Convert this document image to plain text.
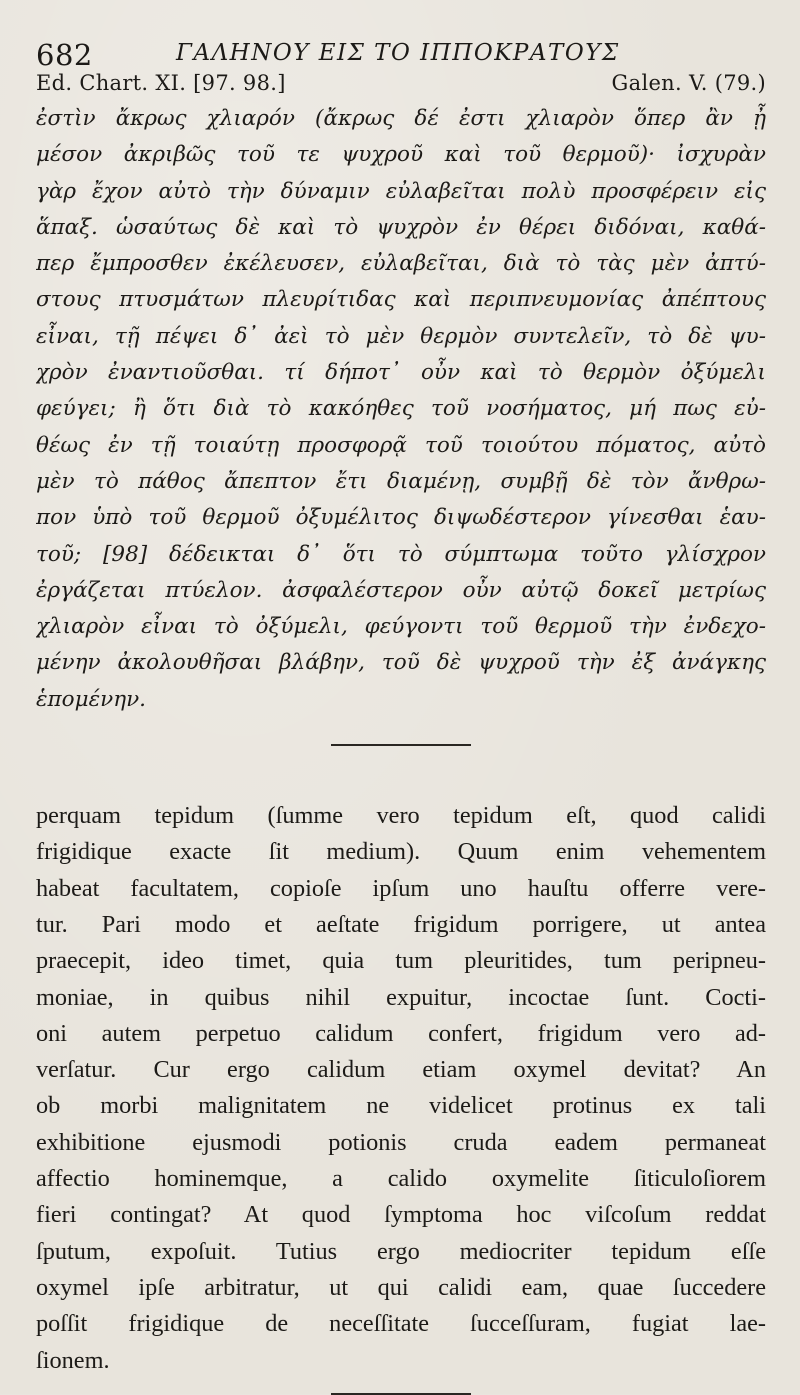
682	ΓΑΛΗΝΟΥ ΕΙΣ ΤΟ ΙΠΠΟΚΡΑΤΟΥΣ
Ed. Chart. XI. [97. 98.]	Galen. V. (79.)
ἐστὶν ἄκρως χλιαρόν (ἄκρως δέ ἐστι χλιαρὸν ὅπερ ἂν ᾖ
μέσον ἀκριβῶς τοῦ τε ψυχροῦ καὶ τοῦ θερμοῦ)· ἰσχυρὰν
γὰρ ἔχον αὐτὸ τὴν δύναμιν εὐλαβεῖται πολὺ προσφέρειν εἰς
ἅπαξ. ὡσαύτως δὲ καὶ τὸ ψυχρὸν ἐν θέρει διδόναι, καθά-
περ ἔμπροσθεν ἐκέλευσεν, εὐλαβεῖται, διὰ τὸ τὰς μὲν ἀπτύ-
στους πτυσμάτων πλευρίτιδας καὶ περιπνευμονίας ἀπέπτους
εἶναι, τῇ πέψει δ᾽ ἀεὶ τὸ μὲν θερμὸν συντελεῖν, τὸ δὲ ψυ-
χρὸν ἐναντιοῦσθαι. τί δήποτ᾽ οὖν καὶ τὸ θερμὸν ὀξύμελι
φεύγει; ἢ ὅτι διὰ τὸ κακόηθες τοῦ νοσήματος, μή πως εὐ-
θέως ἐν τῇ τοιαύτῃ προσφορᾷ τοῦ τοιούτου πόματος, αὐτὸ
μὲν τὸ πάθος ἄπεπτον ἔτι διαμένῃ, συμβῇ δὲ τὸν ἄνθρω-
πον ὑπὸ τοῦ θερμοῦ ὀξυμέλιτος διψωδέστερον γίνεσθαι ἑαυ-
τοῦ; [98] δέδεικται δ᾽ ὅτι τὸ σύμπτωμα τοῦτο γλίσχρον
ἐργάζεται πτύελον. ἀσφαλέστερον οὖν αὐτῷ δοκεῖ μετρίως
χλιαρὸν εἶναι τὸ ὀξύμελι, φεύγοντι τοῦ θερμοῦ τὴν ἐνδεχο-
μένην ἀκολουθῆσαι βλάβην, τοῦ δὲ ψυχροῦ τὴν ἐξ ἀνάγκης
ἑπομένην.
perquam tepidum (ſumme vero tepidum eſt, quod calidi
frigidique exacte ſit medium). Quum enim vehementem
habeat facultatem, copioſe ipſum uno hauſtu offerre vere-
tur. Pari modo et aeſtate frigidum porrigere, ut antea
praecepit, ideo timet, quia tum pleuritides, tum peripneu-
moniae, in quibus nihil expuitur, incoctae ſunt. Cocti-
oni autem perpetuo calidum confert, frigidum vero ad-
verſatur. Cur ergo calidum etiam oxymel devitat? An
ob morbi malignitatem ne videlicet protinus ex tali
exhibitione ejusmodi potionis cruda eadem permaneat
affectio hominemque, a calido oxymelite ſiticuloſiorem
fieri contingat? At quod ſymptoma hoc viſcoſum reddat
ſputum, expoſuit. Tutius ergo mediocriter tepidum eſſe
oxymel ipſe arbitratur, ut qui calidi eam, quae ſuccedere
poſſit frigidique de neceſſitate ſucceſſuram, fugiat lae-
ſionem.
